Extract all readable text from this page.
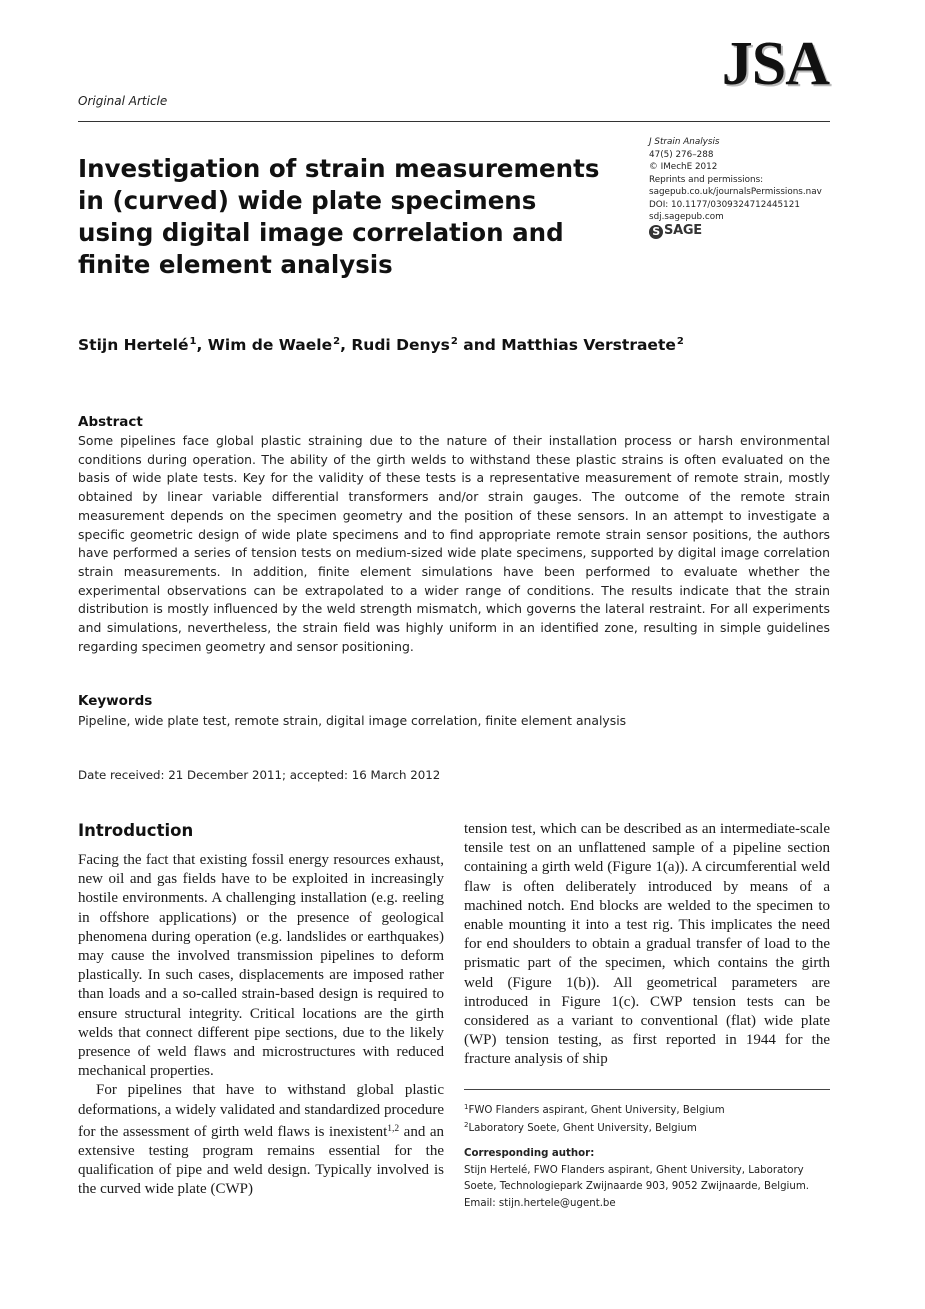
Original Article
JSA
Investigation of strain measurements in (curved) wide plate specimens using digital image correlation and finite element analysis
J Strain Analysis
47(5) 276–288
© IMechE 2012
Reprints and permissions:
sagepub.co.uk/journalsPermissions.nav
DOI: 10.1177/0309324712445121
sdj.sagepub.com
S SAGE
Stijn Hertelé$^1$, Wim de Waele$^2$, Rudi Denys$^2$ and Matthias Verstraete$^2$
Abstract
Some pipelines face global plastic straining due to the nature of their installation process or harsh environmental conditions during operation. The ability of the girth welds to withstand these plastic strains is often evaluated on the basis of wide plate tests. Key for the validity of these tests is a representative measurement of remote strain, mostly obtained by linear variable differential transformers and/or strain gauges. The outcome of the remote strain measurement depends on the specimen geometry and the position of these sensors. In an attempt to investigate a specific geometric design of wide plate specimens and to find appropriate remote strain sensor positions, the authors have performed a series of tension tests on medium-sized wide plate specimens, supported by digital image correlation strain measurements. In addition, finite element simulations have been performed to evaluate whether the experimental observations can be extrapolated to a wider range of conditions. The results indicate that the strain distribution is mostly influenced by the weld strength mismatch, which governs the lateral restraint. For all experiments and simulations, nevertheless, the strain field was highly uniform in an identified zone, resulting in simple guidelines regarding specimen geometry and sensor positioning.
Keywords
Pipeline, wide plate test, remote strain, digital image correlation, finite element analysis
Date received: 21 December 2011; accepted: 16 March 2012
Introduction

Facing the fact that existing fossil energy resources exhaust, new oil and gas fields have to be exploited in increasingly hostile environments. A challenging installation (e.g. reeling in offshore applications) or the presence of geological phenomena during operation (e.g. landslides or earthquakes) may cause the involved transmission pipelines to deform plastically. In such cases, displacements are imposed rather than loads and a so-called strain-based design is required to ensure structural integrity. Critical locations are the girth welds that connect different pipe sections, due to the likely presence of weld flaws and microstructures with reduced mechanical properties.

For pipelines that have to withstand global plastic deformations, a widely validated and standardized procedure for the assessment of girth weld flaws is inexistent$^{1,2}$ and an extensive testing program remains essential for the qualification of pipe and weld design. Typically involved is the curved wide plate (CWP)

tension test, which can be described as an intermediate-scale tensile test on an unflattened sample of a pipeline section containing a girth weld (Figure 1(a)). A circumferential weld flaw is often deliberately introduced by means of a machined notch. End blocks are welded to the specimen to enable mounting it into a test rig. This implicates the need for end shoulders to obtain a gradual transfer of load to the prismatic part of the specimen, which contains the girth weld (Figure 1(b)). All geometrical parameters are introduced in Figure 1(c). CWP tension tests can be considered as a variant to conventional (flat) wide plate (WP) tension testing, as first reported in 1944 for the fracture analysis of ship
$^1$FWO Flanders aspirant, Ghent University, Belgium
$^2$Laboratory Soete, Ghent University, Belgium
Corresponding author:
Stijn Hertelé, FWO Flanders aspirant, Ghent University, Laboratory
Soete, Technologiepark Zwijnaarde 903, 9052 Zwijnaarde, Belgium.
Email: stijn.hertele@ugent.be
